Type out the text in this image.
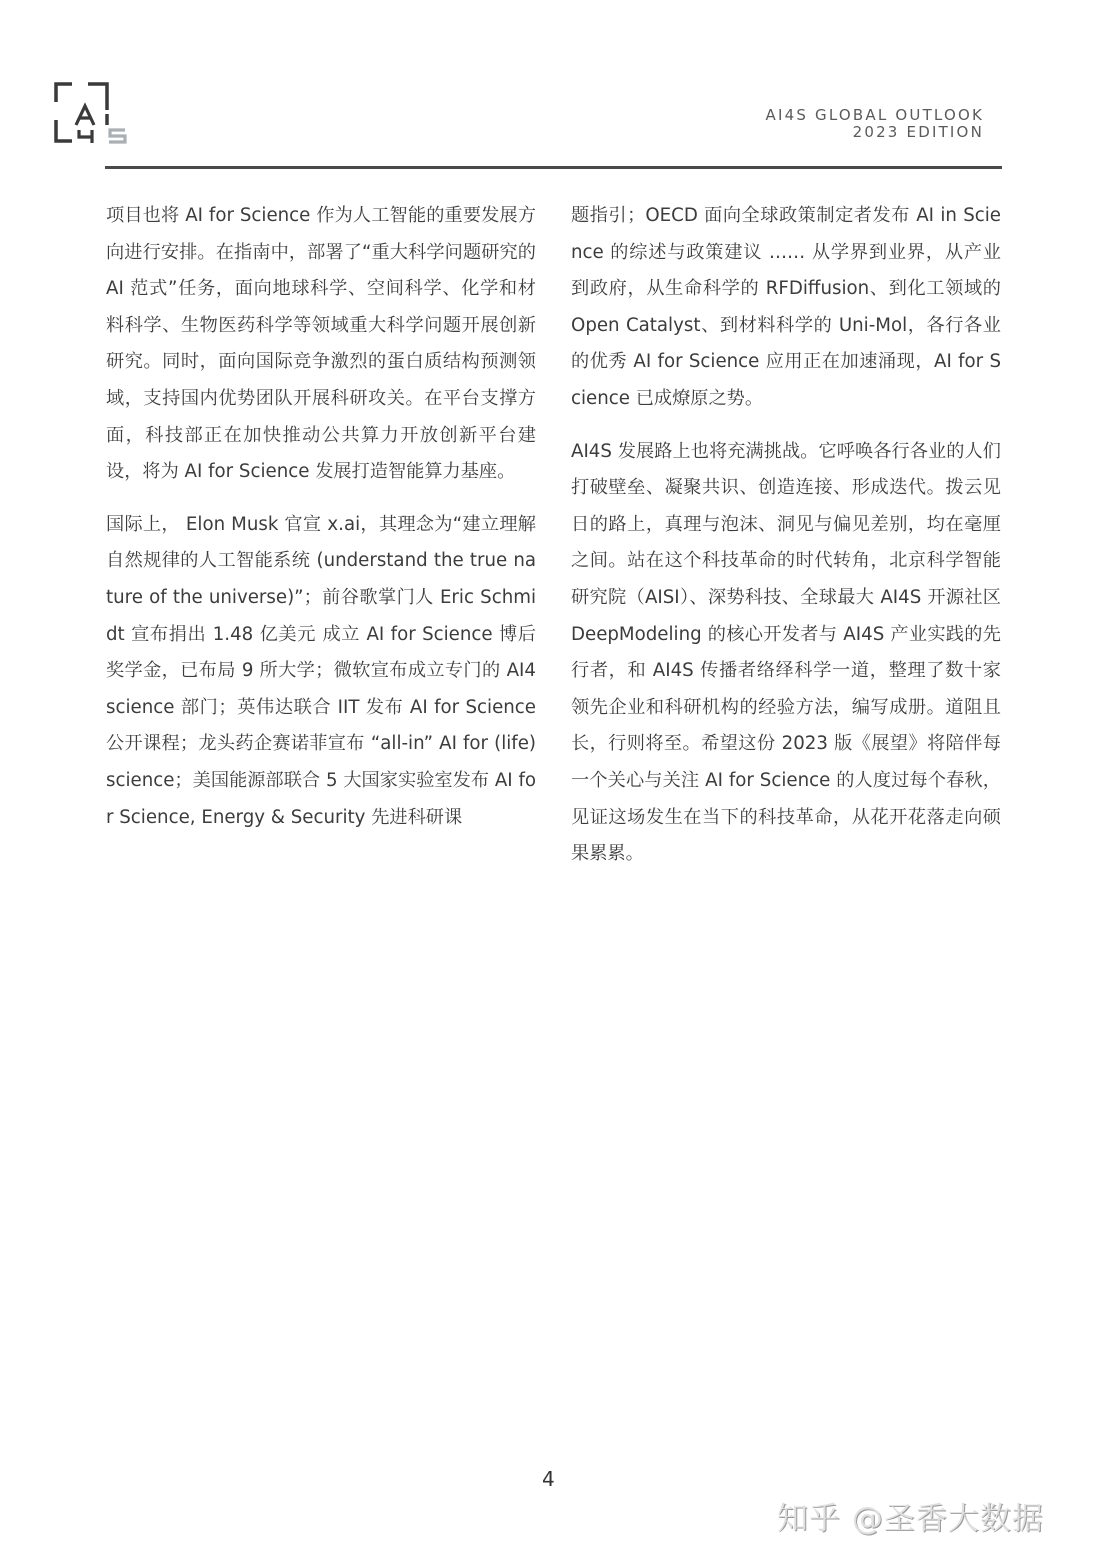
AI4S GLOBAL OUTLOOK
2023 EDITION

项目也将 AI for Science 作为人工智能的重要发展方向进行安排。在指南中，部署了“重大科学问题研究的 AI 范式”任务，面向地球科学、空间科学、化学和材料科学、生物医药科学等领域重大科学问题开展创新研究。同时，面向国际竞争激烈的蛋白质结构预测领域，支持国内优势团队开展科研攻关。在平台支撑方面，科技部正在加快推动公共算力开放创新平台建设，将为 AI for Science 发展打造智能算力基座。

国际上， Elon Musk 官宣 x.ai，其理念为“建立理解自然规律的人工智能系统 (understand the true nature of the universe)”；前谷歌掌门人 Eric Schmidt 宣布捐出 1.48 亿美元 成立 AI for Science 博后奖学金，已布局 9 所大学；微软宣布成立专门的 AI4science 部门；英伟达联合 IIT 发布 AI for Science 公开课程；龙头药企赛诺菲宣布 “all-in” AI for (life) science；美国能源部联合 5 大国家实验室发布 AI for Science, Energy & Security 先进科研课

题指引；OECD 面向全球政策制定者发布 AI in Science 的综述与政策建议 …… 从学界到业界，从产业到政府，从生命科学的 RFDiffusion、到化工领域的 Open Catalyst、到材料科学的 Uni-Mol，各行各业的优秀 AI for Science 应用正在加速涌现，AI for Science 已成燎原之势。

AI4S 发展路上也将充满挑战。它呼唤各行各业的人们打破壁垒、凝聚共识、创造连接、形成迭代。拨云见日的路上，真理与泡沫、洞见与偏见差别，均在毫厘之间。站在这个科技革命的时代转角，北京科学智能研究院（AISI）、深势科技、全球最大 AI4S 开源社区 DeepModeling 的核心开发者与 AI4S 产业实践的先行者，和 AI4S 传播者络绎科学一道，整理了数十家领先企业和科研机构的经验方法，编写成册。道阻且长，行则将至。希望这份 2023 版《展望》将陪伴每一个关心与关注 AI for Science 的人度过每个春秋，见证这场发生在当下的科技革命，从花开花落走向硕果累累。

4
知乎 @圣香大数据
